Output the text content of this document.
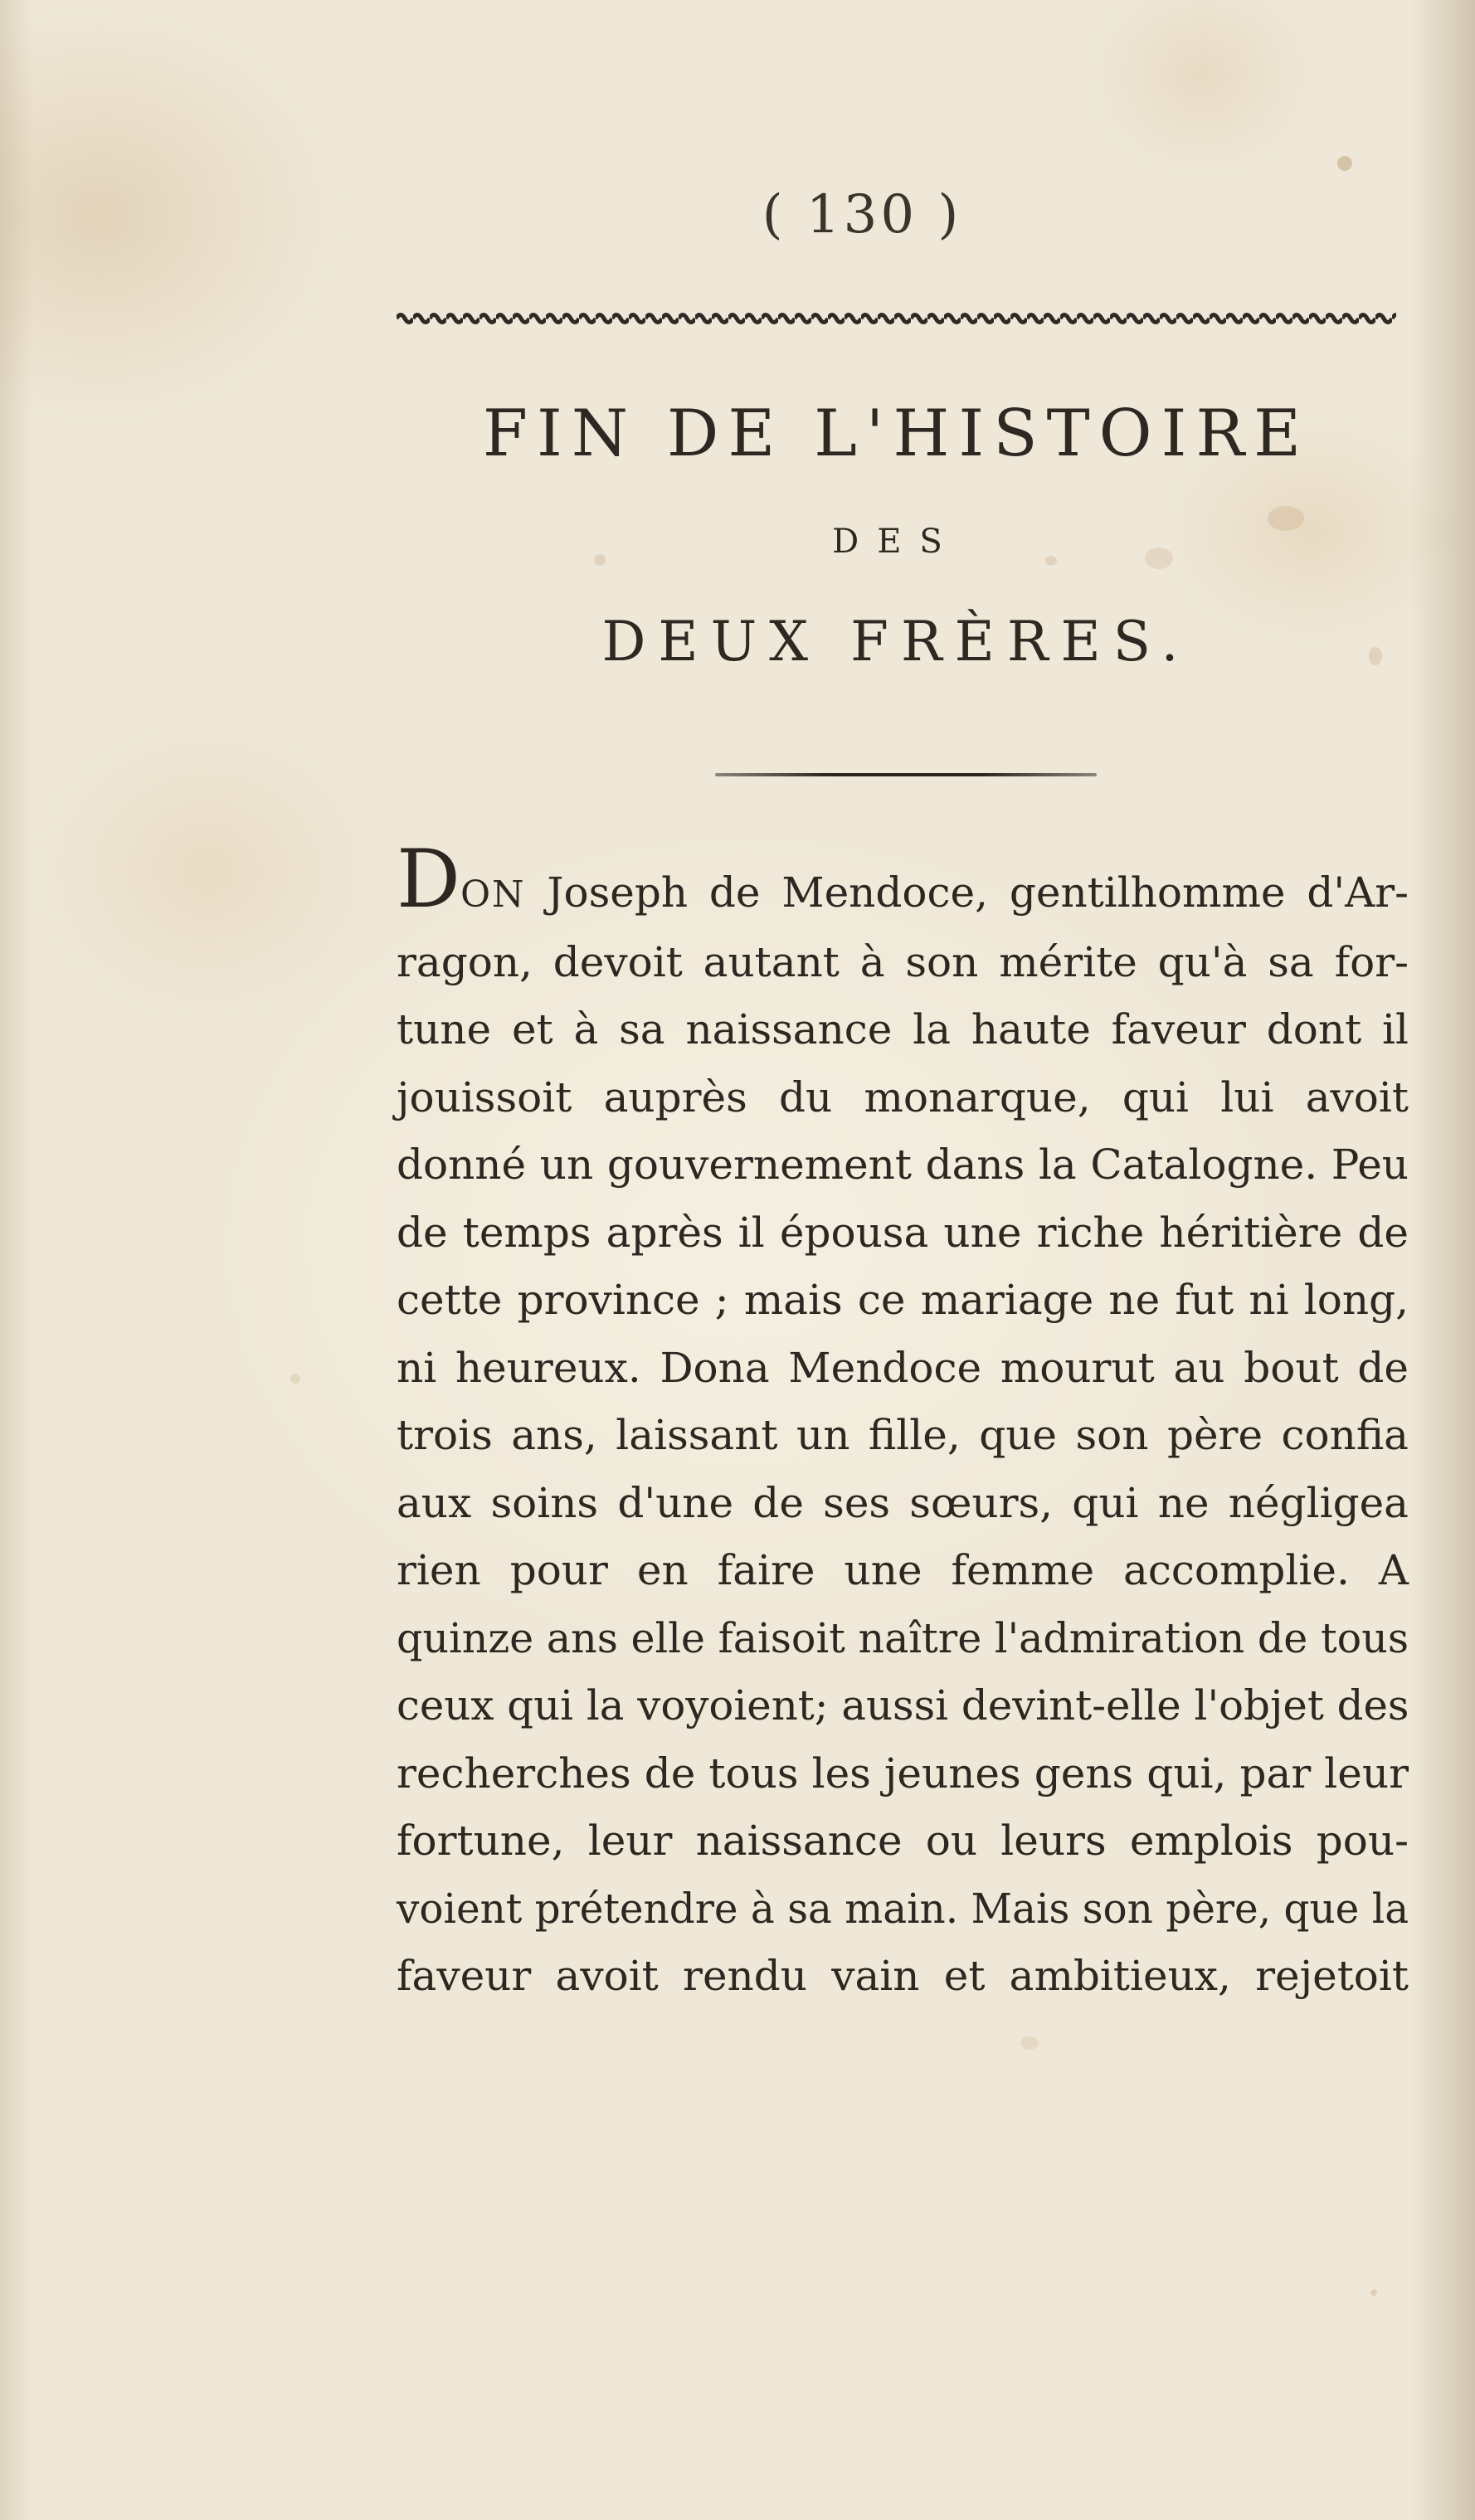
( 130 )
FIN DE L'HISTOIRE
DES
DEUX FRÈRES.
DON Joseph de Mendoce, gentilhomme d'Ar-
ragon, devoit autant à son mérite qu'à sa for-
tune et à sa naissance la haute faveur dont il
jouissoit auprès du monarque, qui lui avoit
donné un gouvernement dans la Catalogne. Peu
de temps après il épousa une riche héritière de
cette province ; mais ce mariage ne fut ni long,
ni heureux. Dona Mendoce mourut au bout de
trois ans, laissant un fille, que son père confia
aux soins d'une de ses sœurs, qui ne négligea
rien pour en faire une femme accomplie. A
quinze ans elle faisoit naître l'admiration de tous
ceux qui la voyoient; aussi devint-elle l'objet des
recherches de tous les jeunes gens qui, par leur
fortune, leur naissance ou leurs emplois pou-
voient prétendre à sa main. Mais son père, que la
faveur avoit rendu vain et ambitieux, rejetoit
